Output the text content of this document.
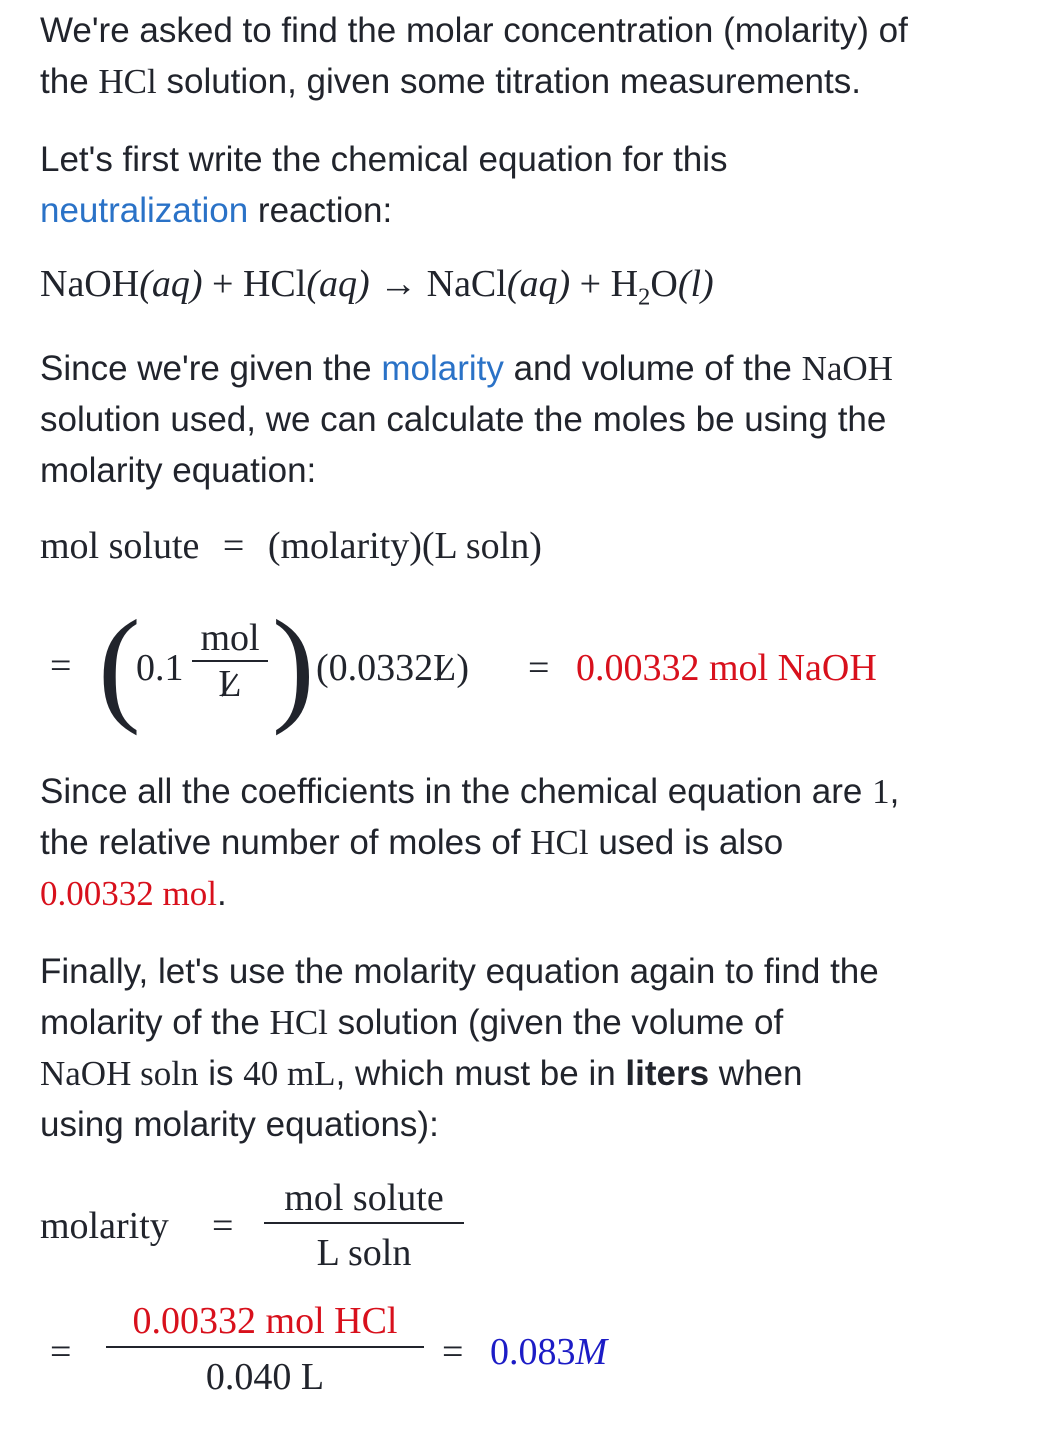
We're asked to find the molar concentration (molarity) of

the HCl solution, given some titration measurements.

Let's first write the chemical equation for this

neutralization reaction:

NaOH(aq) + HCl(aq) → NaCl(aq) + $H_2O(l)$

Since we're given the molarity and volume of the NaOH

solution used, we can calculate the moles be using the

molarity equation:

mol solute = (molarity)(L soln)
= (
0.1
mol
L ) (0.0332L) = 0.00332 mol NaOH

Since all the coefficients in the chemical equation are 1,

the relative number of moles of HCl used is also

0.00332 mol.

Finally, let's use the molarity equation again to find the

molarity of the HCl solution (given the volume of

NaOH soln is 40 mL, which must be in liters when

using molarity equations):

molarity =
mol solute
L soln
=
0.00332 mol HCl
0.040 L
= 0.083M
